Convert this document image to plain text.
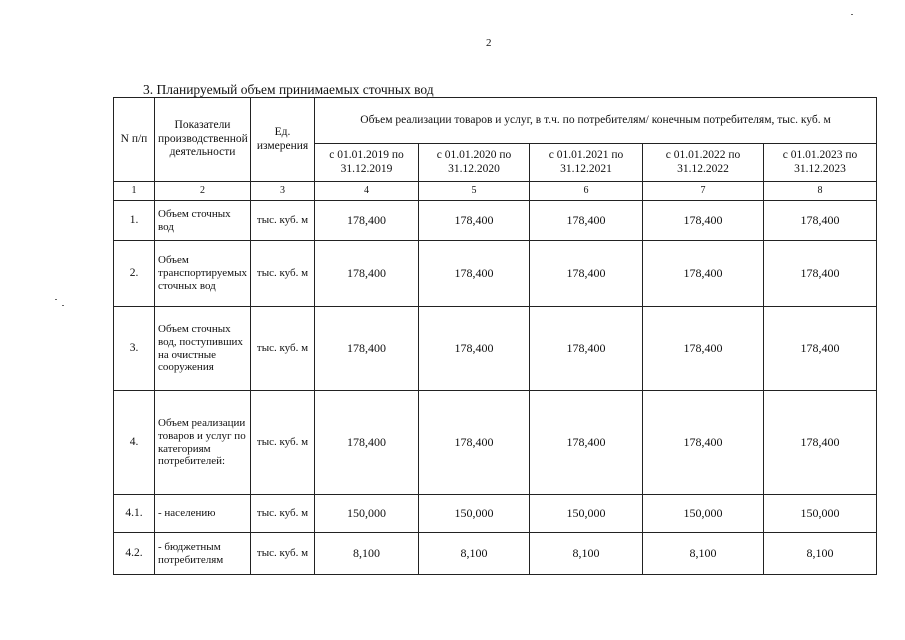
2
3. Планируемый объем принимаемых сточных вод
N п/п	Показатели производственной деятельности	Ед. измерения	Объем реализации товаров и услуг, в т.ч. по потребителям/ конечным потребителям, тыс. куб. м				
			с 01.01.2019 по 31.12.2019	с 01.01.2020 по 31.12.2020	с 01.01.2021 по 31.12.2021	с 01.01.2022 по 31.12.2022	с 01.01.2023 по 31.12.2023
1	2	3	4	5	6	7	8
1.	Объем сточных вод	тыс. куб. м	178,400	178,400	178,400	178,400	178,400
2.	Объем транспортируемых сточных вод	тыс. куб. м	178,400	178,400	178,400	178,400	178,400
3.	Объем сточных вод, поступивших на очистные сооружения	тыс. куб. м	178,400	178,400	178,400	178,400	178,400
4.	Объем реализации товаров и услуг по категориям потребителей:	тыс. куб. м	178,400	178,400	178,400	178,400	178,400
4.1.	- населению	тыс. куб. м	150,000	150,000	150,000	150,000	150,000
4.2.	- бюджетным потребителям	тыс. куб. м	8,100	8,100	8,100	8,100	8,100
